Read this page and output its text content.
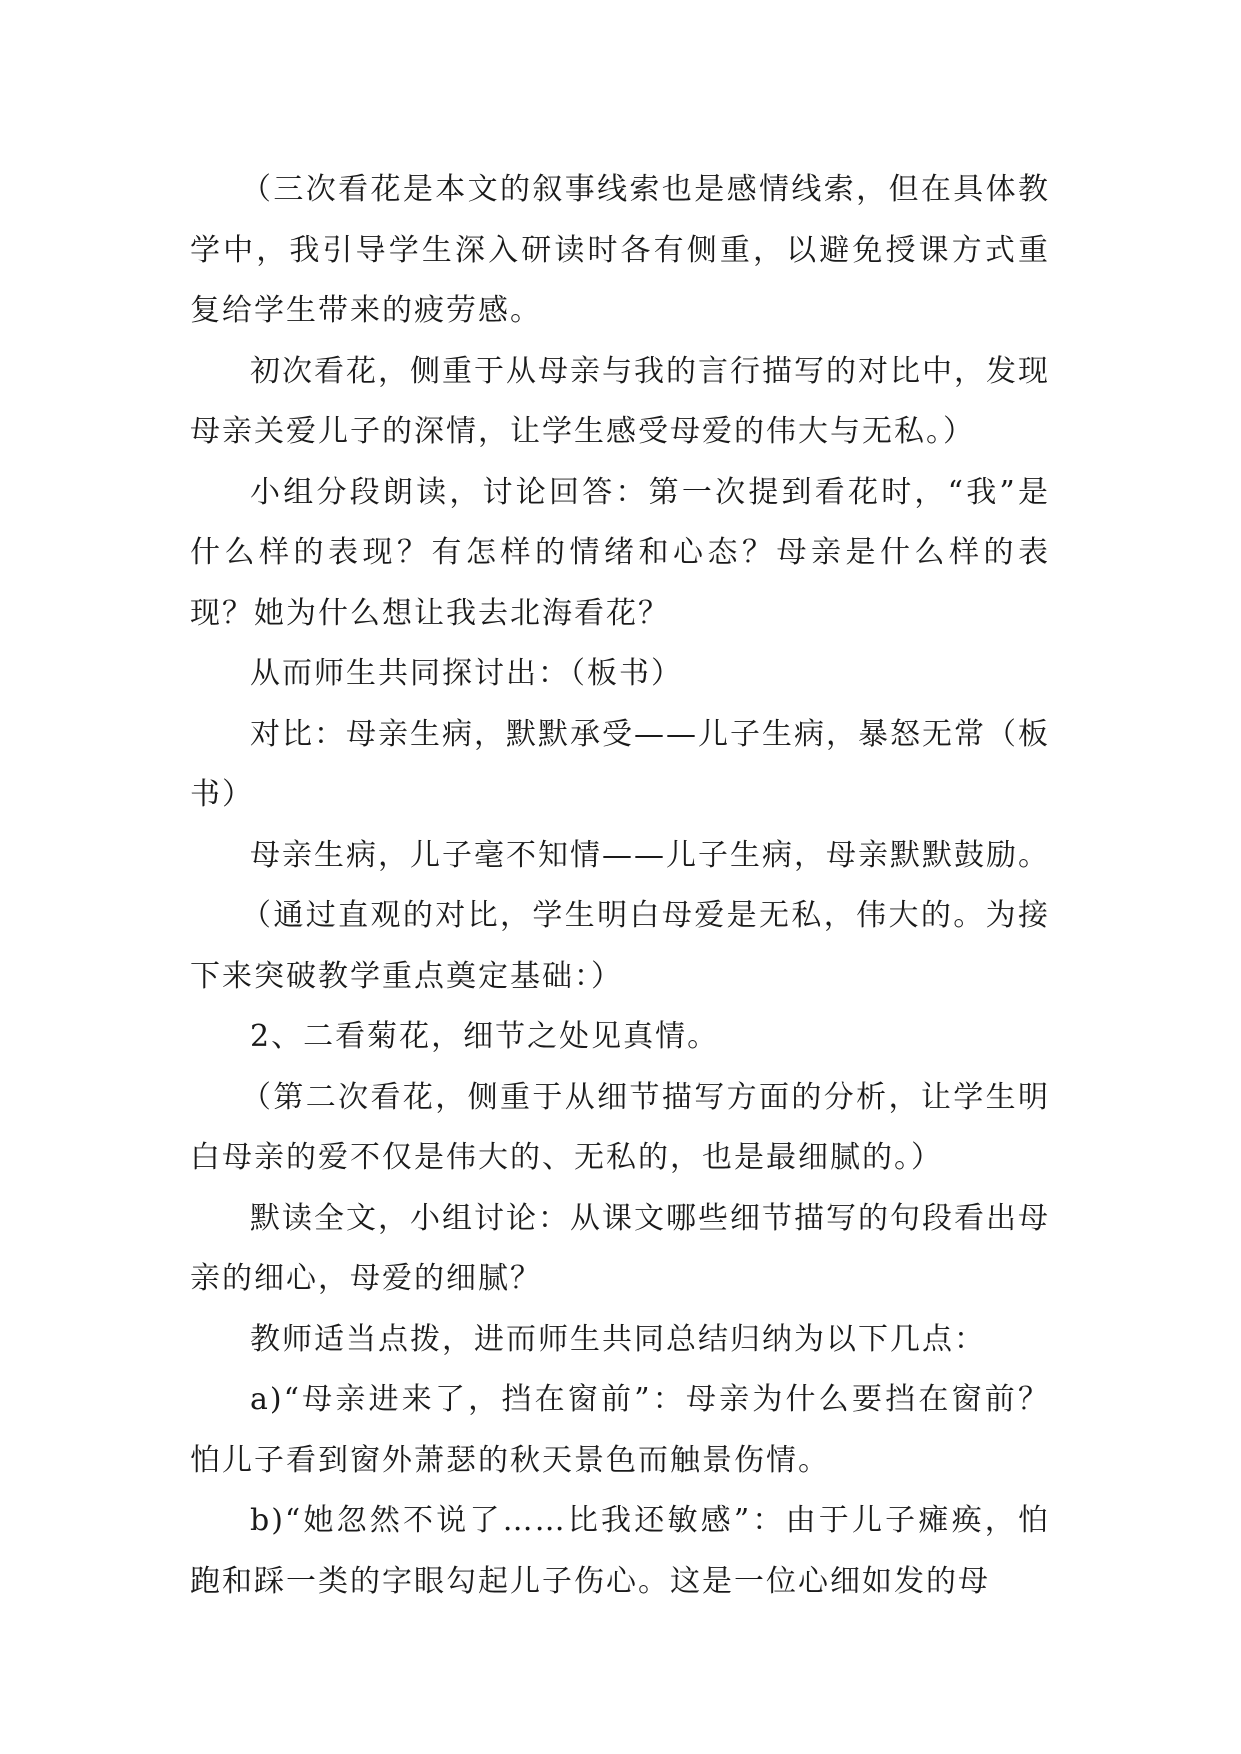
（三次看花是本文的叙事线索也是感情线索，但在具体教学中，我引导学生深入研读时各有侧重，以避免授课方式重复给学生带来的疲劳感。

初次看花，侧重于从母亲与我的言行描写的对比中，发现母亲关爱儿子的深情，让学生感受母爱的伟大与无私。）

小组分段朗读，讨论回答：第一次提到看花时，“我”是什么样的表现？有怎样的情绪和心态？母亲是什么样的表现？她为什么想让我去北海看花？

从而师生共同探讨出：（板书）

对比：母亲生病，默默承受——儿子生病，暴怒无常（板书）

母亲生病，儿子毫不知情——儿子生病，母亲默默鼓励。

（通过直观的对比，学生明白母爱是无私，伟大的。为接下来突破教学重点奠定基础：）

2、二看菊花，细节之处见真情。

（第二次看花，侧重于从细节描写方面的分析，让学生明白母亲的爱不仅是伟大的、无私的，也是最细腻的。）

默读全文，小组讨论：从课文哪些细节描写的句段看出母亲的细心，母爱的细腻？

教师适当点拨，进而师生共同总结归纳为以下几点：

a)“母亲进来了，挡在窗前”：母亲为什么要挡在窗前？怕儿子看到窗外萧瑟的秋天景色而触景伤情。

b)“她忽然不说了……比我还敏感”：由于儿子瘫痪，怕跑和踩一类的字眼勾起儿子伤心。这是一位心细如发的母
